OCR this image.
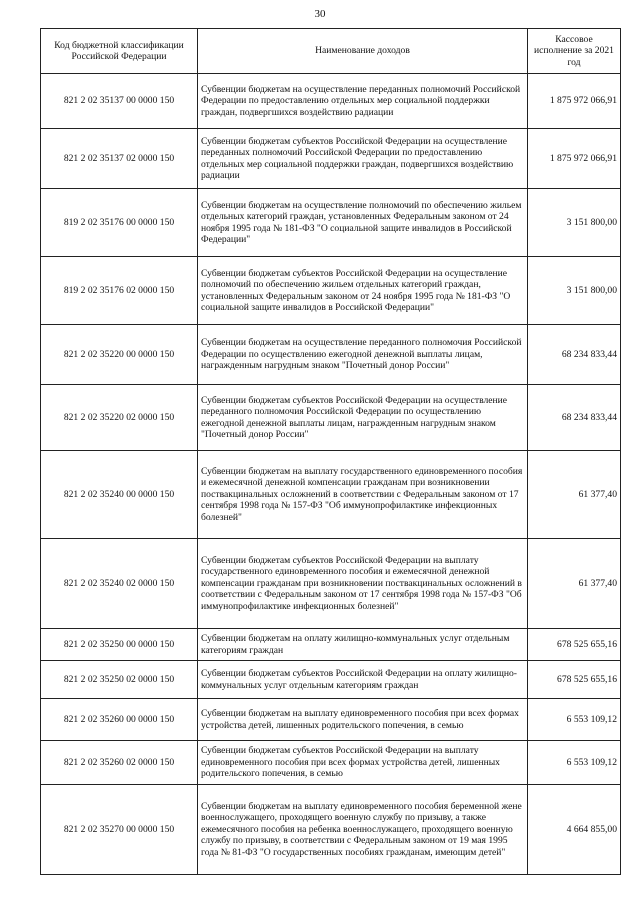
30
Код бюджетной классификации Российской Федерации	Наименование доходов	Кассовое исполнение за 2021 год
821 2 02 35137 00 0000 150	Субвенции бюджетам на осуществление переданных полномочий Российской Федерации по предоставлению отдельных мер социальной поддержки граждан, подвергшихся воздействию радиации	1 875 972 066,91
821 2 02 35137 02 0000 150	Субвенции бюджетам субъектов Российской Федерации на осуществление переданных полномочий Российской Федерации по предоставлению отдельных мер социальной поддержки граждан, подвергшихся воздействию радиации	1 875 972 066,91
819 2 02 35176 00 0000 150	Субвенции бюджетам на осуществление полномочий по обеспечению жильем отдельных категорий граждан, установленных Федеральным законом от 24 ноября 1995 года № 181-ФЗ "О социальной защите инвалидов в Российской Федерации"	3 151 800,00
819 2 02 35176 02 0000 150	Субвенции бюджетам субъектов Российской Федерации на осуществление полномочий по обеспечению жильем отдельных категорий граждан, установленных Федеральным законом от 24 ноября 1995 года № 181-ФЗ "О социальной защите инвалидов в Российской Федерации"	3 151 800,00
821 2 02 35220 00 0000 150	Субвенции бюджетам на осуществление переданного полномочия Российской Федерации по осуществлению ежегодной денежной выплаты лицам, награжденным нагрудным знаком "Почетный донор России"	68 234 833,44
821 2 02 35220 02 0000 150	Субвенции бюджетам субъектов Российской Федерации на осуществление переданного полномочия Российской Федерации по осуществлению ежегодной денежной выплаты лицам, награжденным нагрудным знаком "Почетный донор России"	68 234 833,44
821 2 02 35240 00 0000 150	Субвенции бюджетам на выплату государственного единовременного пособия и ежемесячной денежной компенсации гражданам при возникновении поствакцинальных осложнений в соответствии с Федеральным законом от 17 сентября 1998 года № 157-ФЗ "Об иммунопрофилактике инфекционных болезней"	61 377,40
821 2 02 35240 02 0000 150	Субвенции бюджетам субъектов Российской Федерации на выплату государственного единовременного пособия и ежемесячной денежной компенсации гражданам при возникновении поствакцинальных осложнений в соответствии с Федеральным законом от 17 сентября 1998 года № 157-ФЗ "Об иммунопрофилактике инфекционных болезней"	61 377,40
821 2 02 35250 00 0000 150	Субвенции бюджетам на оплату жилищно-коммунальных услуг отдельным категориям граждан	678 525 655,16
821 2 02 35250 02 0000 150	Субвенции бюджетам субъектов Российской Федерации на оплату жилищно-коммунальных услуг отдельным категориям граждан	678 525 655,16
821 2 02 35260 00 0000 150	Субвенции бюджетам на выплату единовременного пособия при всех формах устройства детей, лишенных родительского попечения, в семью	6 553 109,12
821 2 02 35260 02 0000 150	Субвенции бюджетам субъектов Российской Федерации на выплату единовременного пособия при всех формах устройства детей, лишенных родительского попечения, в семью	6 553 109,12
821 2 02 35270 00 0000 150	Субвенции бюджетам на выплату единовременного пособия беременной жене военнослужащего, проходящего военную службу по призыву, а также ежемесячного пособия на ребенка военнослужащего, проходящего военную службу по призыву, в соответствии с Федеральным законом от 19 мая 1995 года № 81-ФЗ "О государственных пособиях гражданам, имеющим детей"	4 664 855,00
